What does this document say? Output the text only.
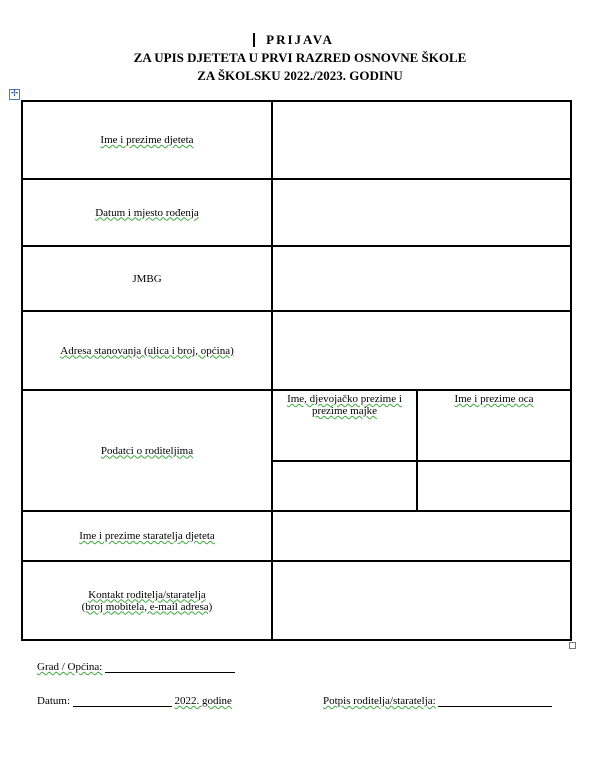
PRIJAVA
ZA UPIS DJETETA U PRVI RAZRED OSNOVNE ŠKOLE
ZA ŠKOLSKU 2022./2023. GODINU
✢
Ime i prezime djeteta		
Datum i mjesto rođenja		
JMBG		
Adresa stanovanja (ulica i broj, općina)		
Podatci o roditeljima	Ime, djevojačko prezime i prezime majke	Ime i prezime oca

Ime i prezime staratelja djeteta		

Kontakt roditelja/staratelja
(broj mobitela, e-mail adresa)		

Grad / Općina:
Datum:	2022. godine	Potpis roditelja/staratelja:
